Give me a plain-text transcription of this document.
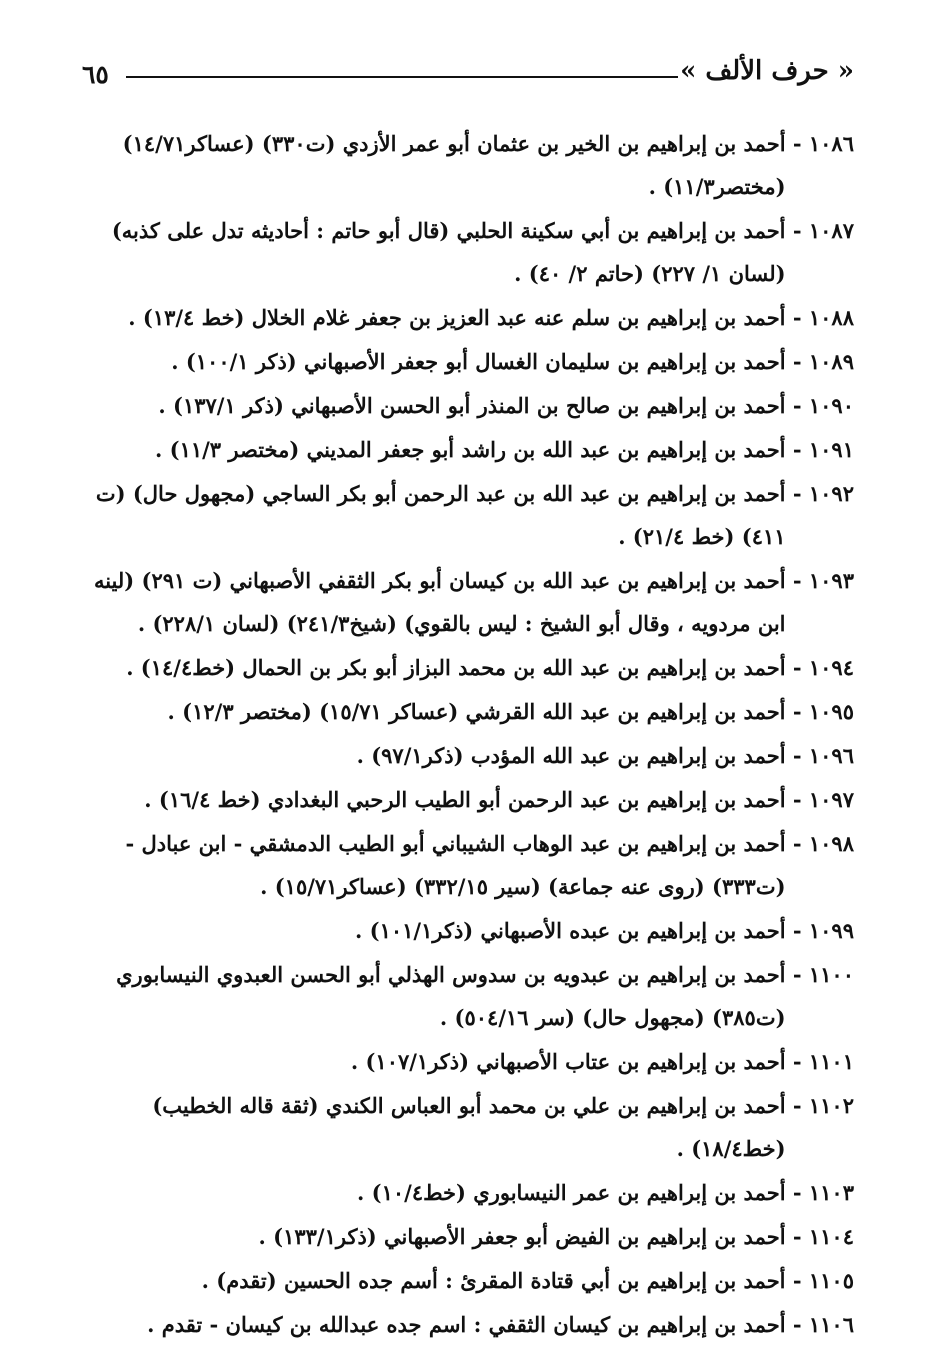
٦٥	« حرف الألف »
١٠٨٦
-
أحمد بن إبراهيم بن الخير بن عثمان أبو عمر الأزدي (ت٣٣٠) (عساكر١٤/٧١) (مختصر١١/٣) .
١٠٨٧
-
أحمد بن إبراهيم بن أبي سكينة الحلبي (قال أبو حاتم : أحاديثه تدل على كذبه) (لسان ١/ ٢٢٧) (حاتم ٢/ ٤٠) .
١٠٨٨
-
أحمد بن إبراهيم بن سلم عنه عبد العزيز بن جعفر غلام الخلال (خط ١٣/٤) .
١٠٨٩
-
أحمد بن إبراهيم بن سليمان الغسال أبو جعفر الأصبهاني (ذكر ١٠٠/١) .
١٠٩٠
-
أحمد بن إبراهيم بن صالح بن المنذر أبو الحسن الأصبهاني (ذكر ١٣٧/١) .
١٠٩١
-
أحمد بن إبراهيم بن عبد الله بن راشد أبو جعفر المديني (مختصر ١١/٣) .
١٠٩٢
-
أحمد بن إبراهيم بن عبد الله بن عبد الرحمن أبو بكر الساجي (مجهول حال) (ت ٤١١) (خط ٢١/٤) .
١٠٩٣
-
أحمد بن إبراهيم بن عبد الله بن كيسان أبو بكر الثقفي الأصبهاني (ت ٢٩١) (لينه ابن مردويه ، وقال أبو الشيخ : ليس بالقوي) (شيخ٢٤١/٣) (لسان ٢٢٨/١) .
١٠٩٤
-
أحمد بن إبراهيم بن عبد الله بن محمد البزاز أبو بكر بن الحمال (خط١٤/٤) .
١٠٩٥
-
أحمد بن إبراهيم بن عبد الله القرشي (عساكر ١٥/٧١) (مختصر ١٢/٣) .
١٠٩٦
-
أحمد بن إبراهيم بن عبد الله المؤدب (ذكر٩٧/١) .
١٠٩٧
-
أحمد بن إبراهيم بن عبد الرحمن أبو الطيب الرحبي البغدادي (خط ١٦/٤) .
١٠٩٨
-
أحمد بن إبراهيم بن عبد الوهاب الشيباني أبو الطيب الدمشقي - ابن عبادل - (ت٣٣٣) (روى عنه جماعة) (سير ٣٣٢/١٥) (عساكر١٥/٧١) .
١٠٩٩
-
أحمد بن إبراهيم بن عبده الأصبهاني (ذكر١٠١/١) .
١١٠٠
-
أحمد بن إبراهيم بن عبدويه بن سدوس الهذلي أبو الحسن العبدوي النيسابوري (ت٣٨٥) (مجهول حال) (سر ٥٠٤/١٦) .
١١٠١
-
أحمد بن إبراهيم بن عتاب الأصبهاني (ذكر١٠٧/١) .
١١٠٢
-
أحمد بن إبراهيم بن علي بن محمد أبو العباس الكندي (ثقة قاله الخطيب) (خط١٨/٤) .
١١٠٣
-
أحمد بن إبراهيم بن عمر النيسابوري (خط١٠/٤) .
١١٠٤
-
أحمد بن إبراهيم بن الفيض أبو جعفر الأصبهاني (ذكر١٣٣/١) .
١١٠٥
-
أحمد بن إبراهيم بن أبي قتادة المقرئ : أسم جده الحسين (تقدم) .
١١٠٦
-
أحمد بن إبراهيم بن كيسان الثقفي : اسم جده عبدالله بن كيسان - تقدم .
